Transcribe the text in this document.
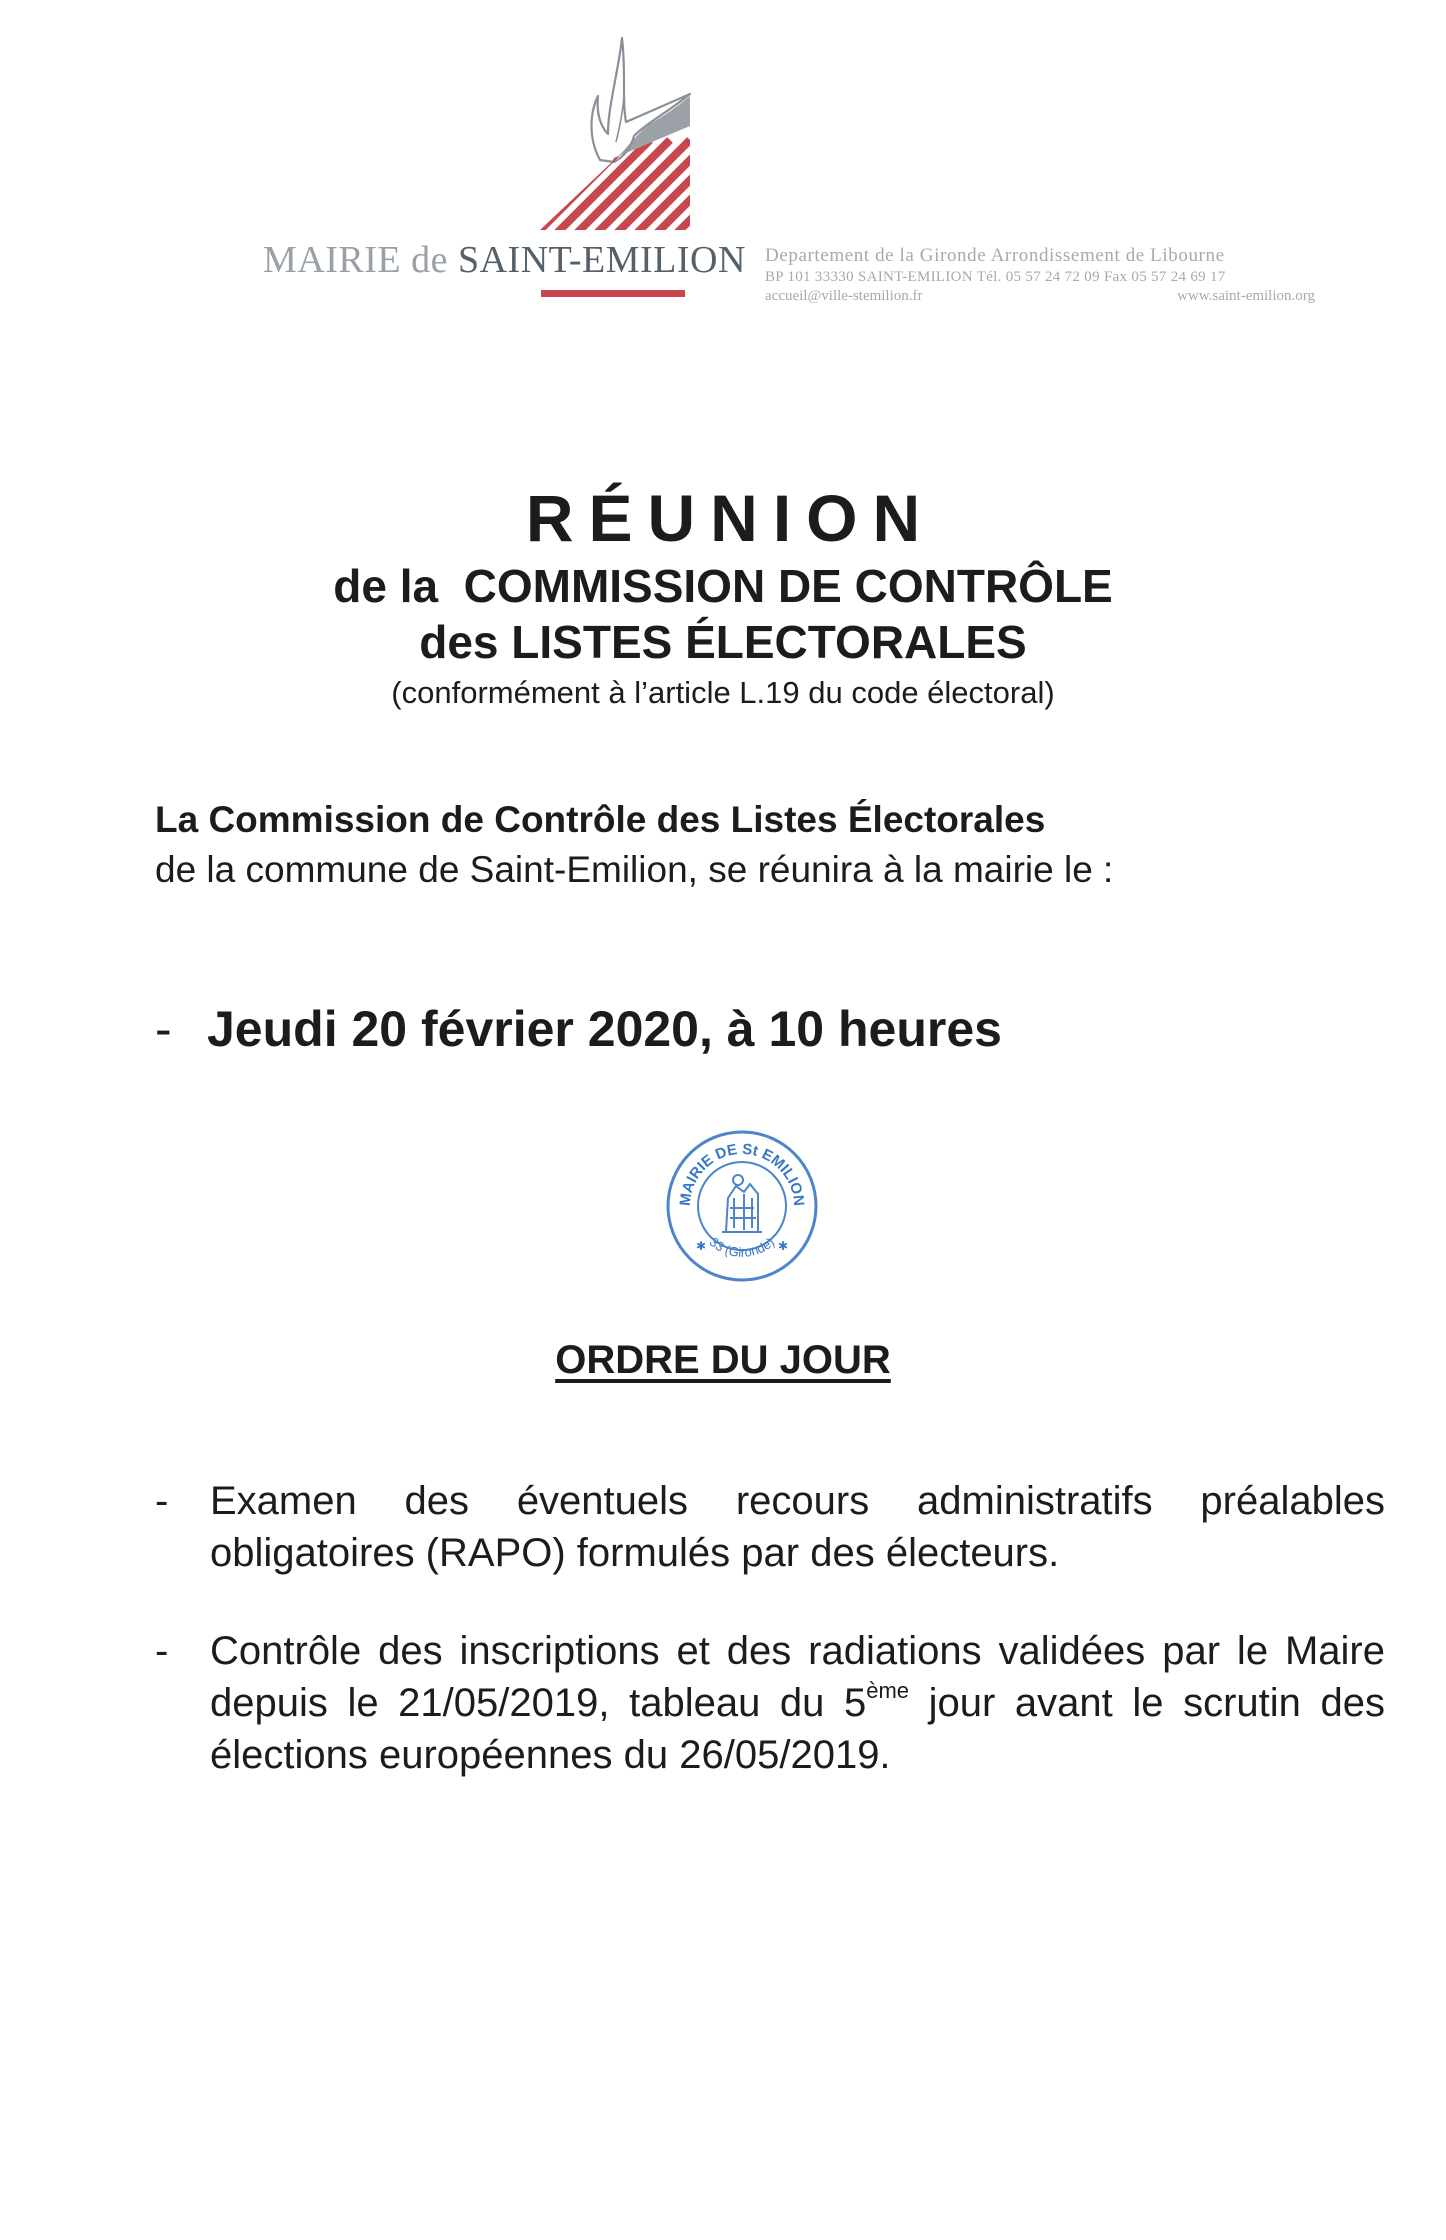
MAIRIE de SAINT-EMILION Departement de la Gironde Arrondissement de Libourne
BP 101 33330 SAINT-EMILION Tél. 05 57 24 72 09 Fax 05 57 24 69 17
accueil@ville-stemilion.fr	www.saint-emilion.org
RÉUNION
de la  COMMISSION DE CONTRÔLE
des LISTES ÉLECTORALES
(conformément à l’article L.19 du code électoral)
La Commission de Contrôle des Listes Électorales
de la commune de Saint-Emilion, se réunira à la mairie le :
- Jeudi 20 février 2020, à 10 heures
MAIRIE DE St EMILION
33 (Gironde)
✱	✱
ORDRE DU JOUR
-	Examen des éventuels recours administratifs préalables obligatoires (RAPO) formulés par des électeurs.
-	Contrôle des inscriptions et des radiations validées par le Maire depuis le 21/05/2019, tableau du 5ème jour avant le scrutin des élections européennes du 26/05/2019.
